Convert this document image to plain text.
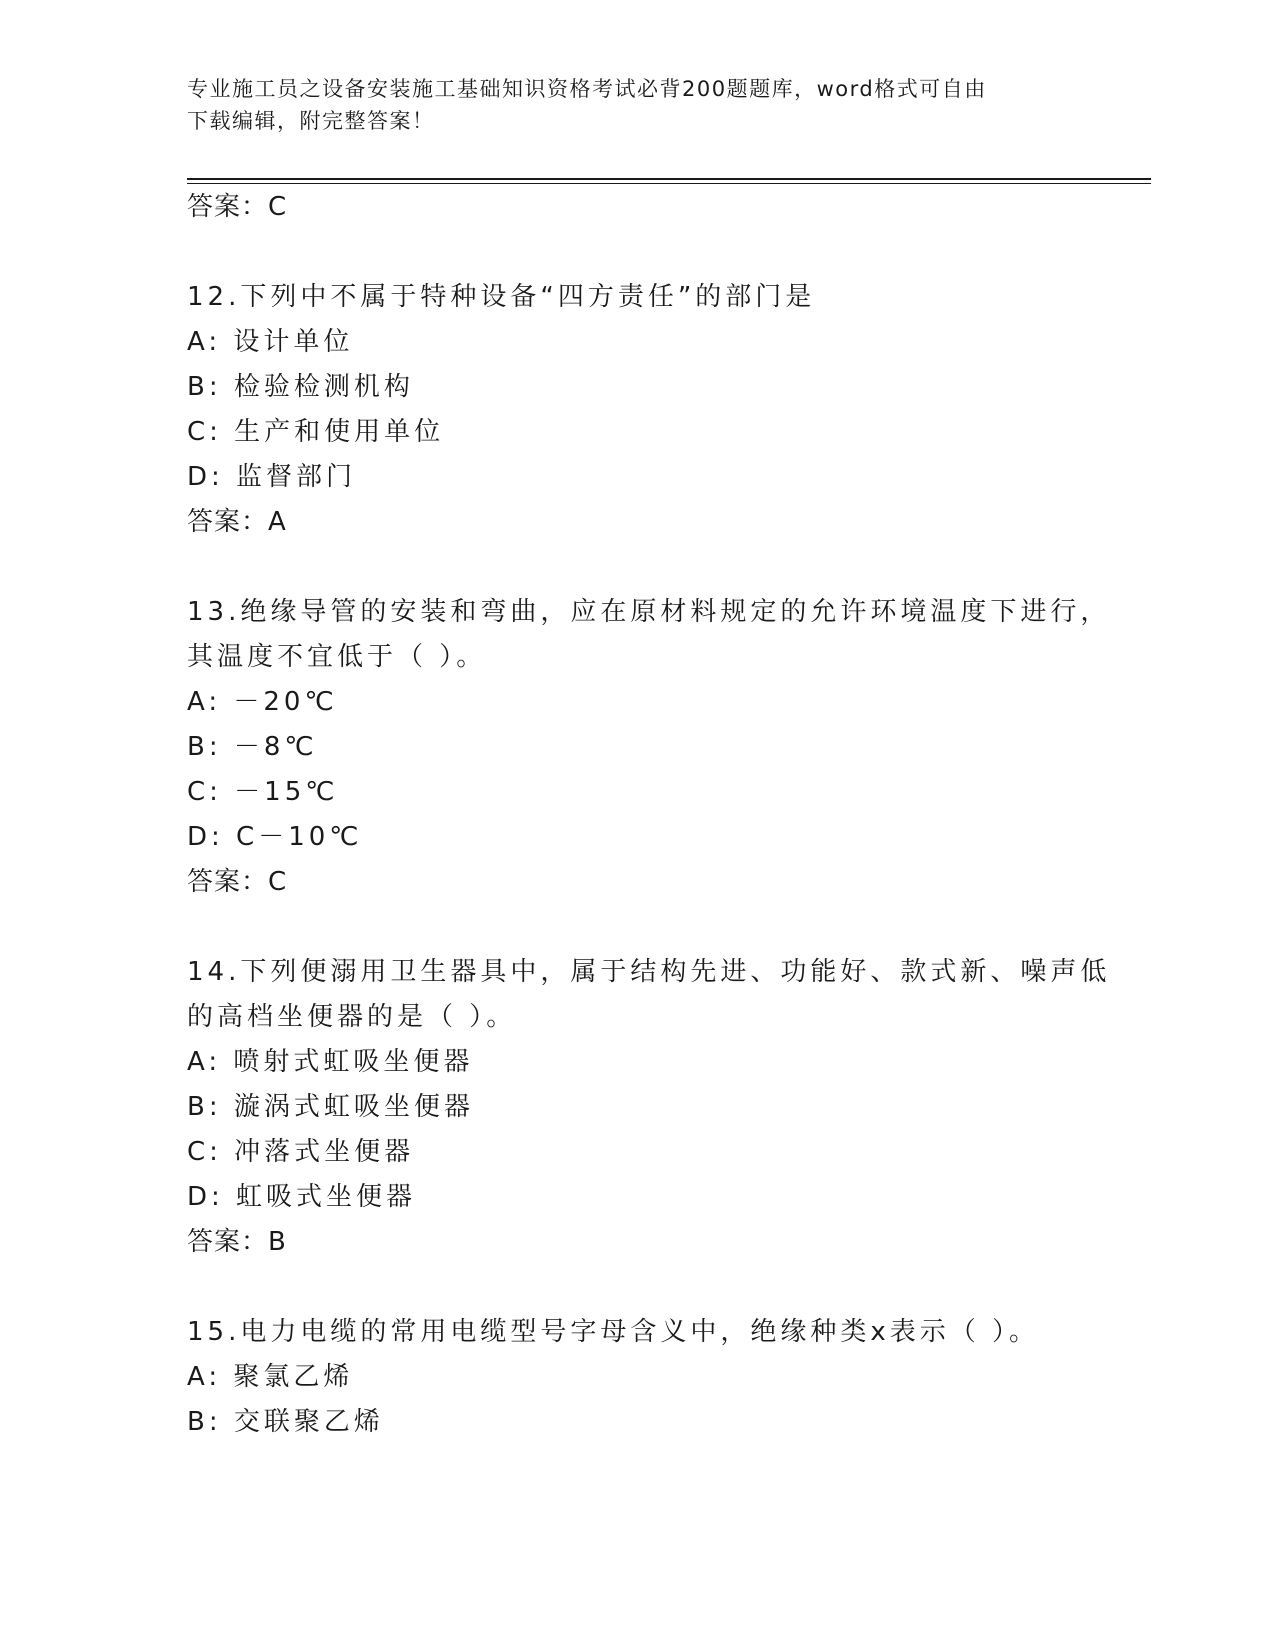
专业施工员之设备安装施工基础知识资格考试必背200题题库，word格式可自由
下载编辑，附完整答案！
答案：C
12.下列中不属于特种设备“四方责任”的部门是
A: 设计单位
B: 检验检测机构
C: 生产和使用单位
D: 监督部门
答案：A
13.绝缘导管的安装和弯曲，应在原材料规定的允许环境温度下进行，
其温度不宜低于（ ）。
A: －20℃
B: －8℃
C: －15℃
D: C－10℃
答案：C
14.下列便溺用卫生器具中，属于结构先进、功能好、款式新、噪声低
的高档坐便器的是（ ）。
A: 喷射式虹吸坐便器
B: 漩涡式虹吸坐便器
C: 冲落式坐便器
D: 虹吸式坐便器
答案：B
15.电力电缆的常用电缆型号字母含义中，绝缘种类x表示（ ）。
A: 聚氯乙烯
B: 交联聚乙烯
